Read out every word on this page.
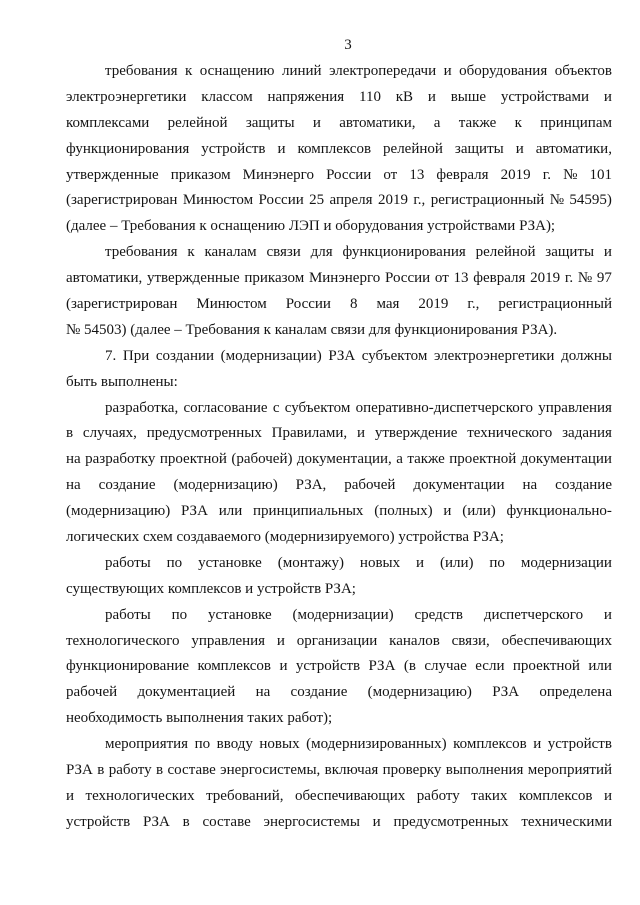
3
требования к оснащению линий электропередачи и оборудования объектов
электроэнергетики классом напряжения 110 кВ и выше устройствами и
комплексами релейной защиты и автоматики, а также к принципам
функционирования устройств и комплексов релейной защиты и автоматики,
утвержденные приказом Минэнерго России от 13 февраля 2019 г. № 101
(зарегистрирован Минюстом России 25 апреля 2019 г., регистрационный № 54595)
(далее – Требования к оснащению ЛЭП и оборудования устройствами РЗА);
требования к каналам связи для функционирования релейной защиты и
автоматики, утвержденные приказом Минэнерго России от 13 февраля 2019 г. № 97
(зарегистрирован Минюстом России 8 мая 2019 г., регистрационный
№ 54503) (далее – Требования к каналам связи для функционирования РЗА).
7. При создании (модернизации) РЗА субъектом электроэнергетики должны
быть выполнены:
разработка, согласование с субъектом оперативно-диспетчерского управления
в случаях, предусмотренных Правилами, и утверждение технического задания
на разработку проектной (рабочей) документации, а также проектной документации
на создание (модернизацию) РЗА, рабочей документации на создание
(модернизацию) РЗА или принципиальных (полных) и (или) функционально-
логических схем создаваемого (модернизируемого) устройства РЗА;
работы по установке (монтажу) новых и (или) по модернизации
существующих комплексов и устройств РЗА;
работы по установке (модернизации) средств диспетчерского и
технологического управления и организации каналов связи, обеспечивающих
функционирование комплексов и устройств РЗА (в случае если проектной или
рабочей документацией на создание (модернизацию) РЗА определена
необходимость выполнения таких работ);
мероприятия по вводу новых (модернизированных) комплексов и устройств
РЗА в работу в составе энергосистемы, включая проверку выполнения мероприятий
и технологических требований, обеспечивающих работу таких комплексов и
устройств РЗА в составе энергосистемы и предусмотренных техническими
